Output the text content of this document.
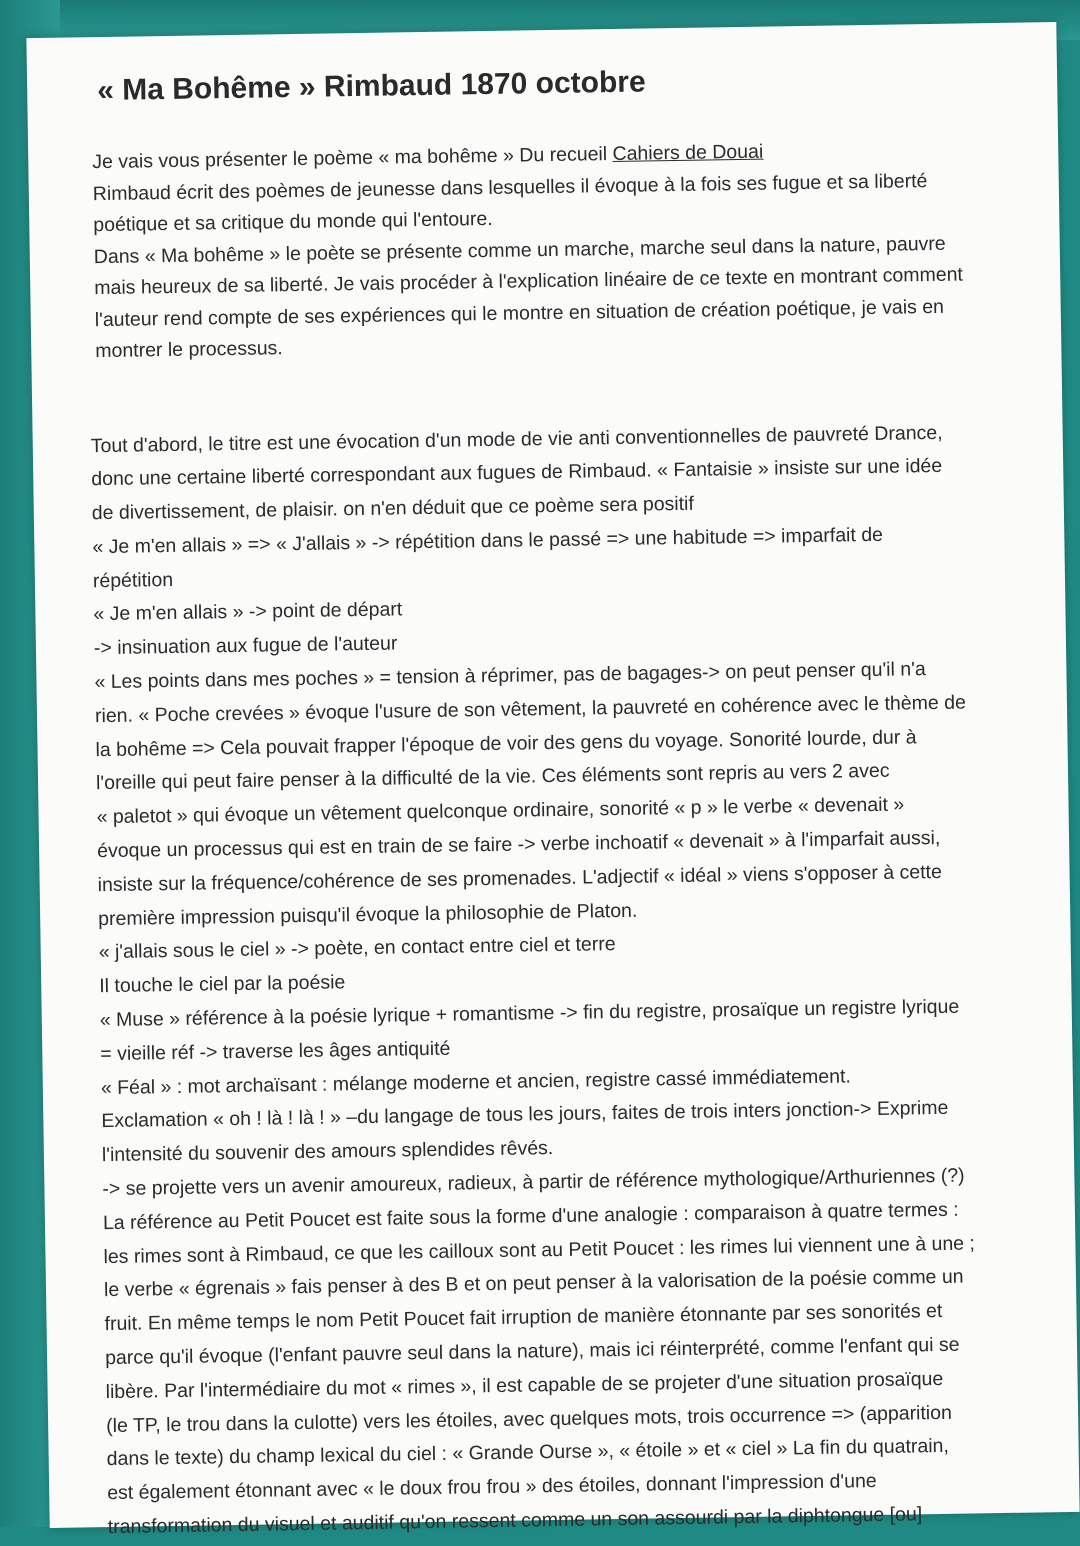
« Ma Bohême » Rimbaud 1870 octobre

Je vais vous présenter le poème « ma bohême » Du recueil Cahiers de Douai

Rimbaud écrit des poèmes de jeunesse dans lesquelles il évoque à la fois ses fugue et sa liberté

poétique et sa critique du monde qui l'entoure.

Dans « Ma bohême » le poète se présente comme un marche, marche seul dans la nature, pauvre

mais heureux de sa liberté. Je vais procéder à l'explication linéaire de ce texte en montrant comment

l'auteur rend compte de ses expériences qui le montre en situation de création poétique, je vais en

montrer le processus.

Tout d'abord, le titre est une évocation d'un mode de vie anti conventionnelles de pauvreté Drance,

donc une certaine liberté correspondant aux fugues de Rimbaud. « Fantaisie » insiste sur une idée

de divertissement, de plaisir. on n'en déduit que ce poème sera positif

« Je m'en allais » => « J'allais » -> répétition dans le passé => une habitude => imparfait de

répétition

« Je m'en allais » -> point de départ

-> insinuation aux fugue de l'auteur

« Les points dans mes poches » = tension à réprimer, pas de bagages-> on peut penser qu'il n'a

rien. « Poche crevées » évoque l'usure de son vêtement, la pauvreté en cohérence avec le thème de

la bohême => Cela pouvait frapper l'époque de voir des gens du voyage. Sonorité lourde, dur à

l'oreille qui peut faire penser à la difficulté de la vie. Ces éléments sont repris au vers 2 avec

« paletot » qui évoque un vêtement quelconque ordinaire, sonorité « p » le verbe « devenait »

évoque un processus qui est en train de se faire -> verbe inchoatif « devenait » à l'imparfait aussi,

insiste sur la fréquence/cohérence de ses promenades. L'adjectif « idéal » viens s'opposer à cette

première impression puisqu'il évoque la philosophie de Platon.

« j'allais sous le ciel » -> poète, en contact entre ciel et terre

Il touche le ciel par la poésie

« Muse » référence à la poésie lyrique + romantisme -> fin du registre, prosaïque un registre lyrique

= vieille réf -> traverse les âges antiquité

« Féal » : mot archaïsant : mélange moderne et ancien, registre cassé immédiatement.

Exclamation « oh ! là ! là ! » –du langage de tous les jours, faites de trois inters jonction-> Exprime

l'intensité du souvenir des amours splendides rêvés.

-> se projette vers un avenir amoureux, radieux, à partir de référence mythologique/Arthuriennes (?)

La référence au Petit Poucet est faite sous la forme d'une analogie : comparaison à quatre termes :

les rimes sont à Rimbaud, ce que les cailloux sont au Petit Poucet : les rimes lui viennent une à une ;

le verbe « égrenais » fais penser à des B et on peut penser à la valorisation de la poésie comme un

fruit. En même temps le nom Petit Poucet fait irruption de manière étonnante par ses sonorités et

parce qu'il évoque (l'enfant pauvre seul dans la nature), mais ici réinterprété, comme l'enfant qui se

libère. Par l'intermédiaire du mot « rimes », il est capable de se projeter d'une situation prosaïque

(le TP, le trou dans la culotte) vers les étoiles, avec quelques mots, trois occurrence => (apparition

dans le texte) du champ lexical du ciel : « Grande Ourse », « étoile » et « ciel » La fin du quatrain,

est également étonnant avec « le doux frou frou » des étoiles, donnant l'impression d'une

transformation du visuel et auditif qu'on ressent comme un son assourdi par la diphtongue [ou]
